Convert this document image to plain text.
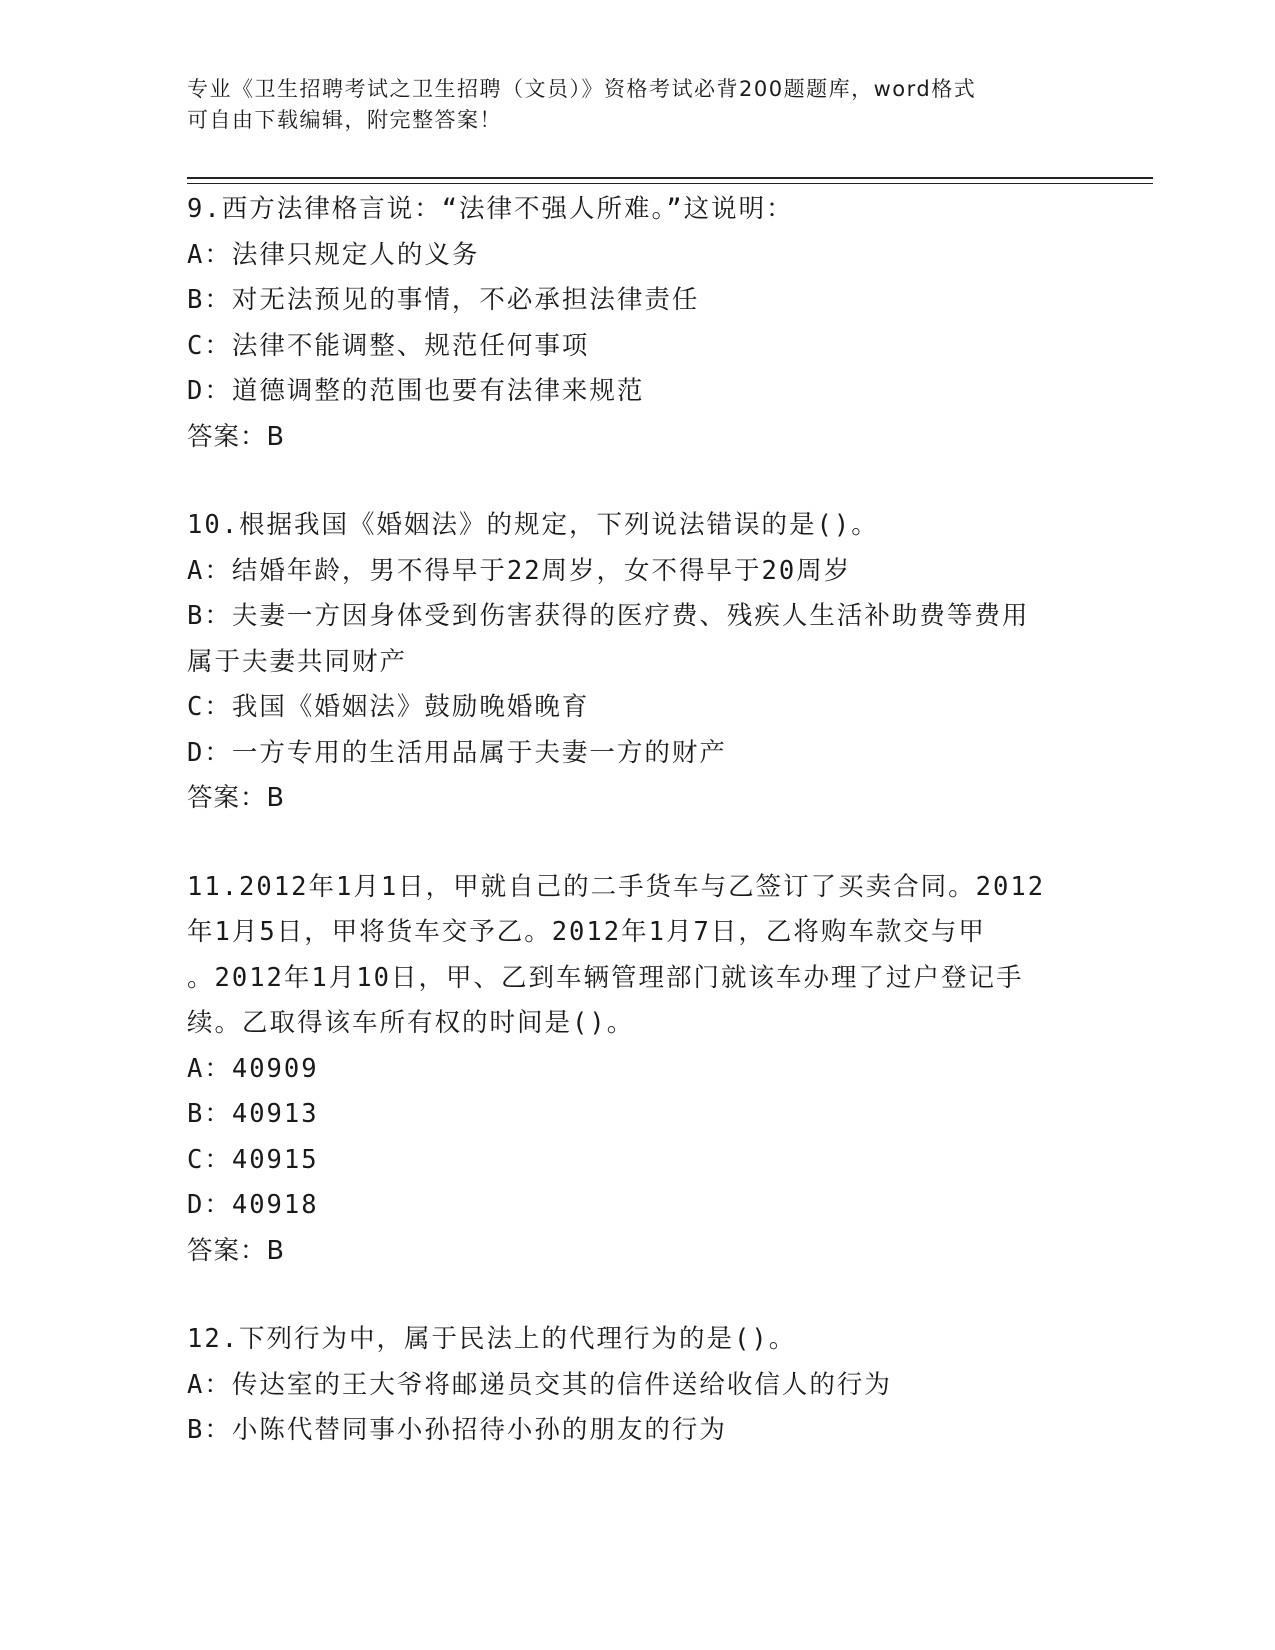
专业《卫生招聘考试之卫生招聘（文员）》资格考试必背200题题库，word格式
可自由下载编辑，附完整答案！
9.西方法律格言说：“法律不强人所难。”这说明：
A：法律只规定人的义务
B：对无法预见的事情，不必承担法律责任
C：法律不能调整、规范任何事项
D：道德调整的范围也要有法律来规范
答案：B
10.根据我国《婚姻法》的规定，下列说法错误的是()。
A：结婚年龄，男不得早于22周岁，女不得早于20周岁
B：夫妻一方因身体受到伤害获得的医疗费、残疾人生活补助费等费用
属于夫妻共同财产
C：我国《婚姻法》鼓励晚婚晚育
D：一方专用的生活用品属于夫妻一方的财产
答案：B
11.2012年1月1日，甲就自己的二手货车与乙签订了买卖合同。2012
年1月5日，甲将货车交予乙。2012年1月7日，乙将购车款交与甲
。2012年1月10日，甲、乙到车辆管理部门就该车办理了过户登记手
续。乙取得该车所有权的时间是()。
A：40909
B：40913
C：40915
D：40918
答案：B
12.下列行为中，属于民法上的代理行为的是()。
A：传达室的王大爷将邮递员交其的信件送给收信人的行为
B：小陈代替同事小孙招待小孙的朋友的行为
